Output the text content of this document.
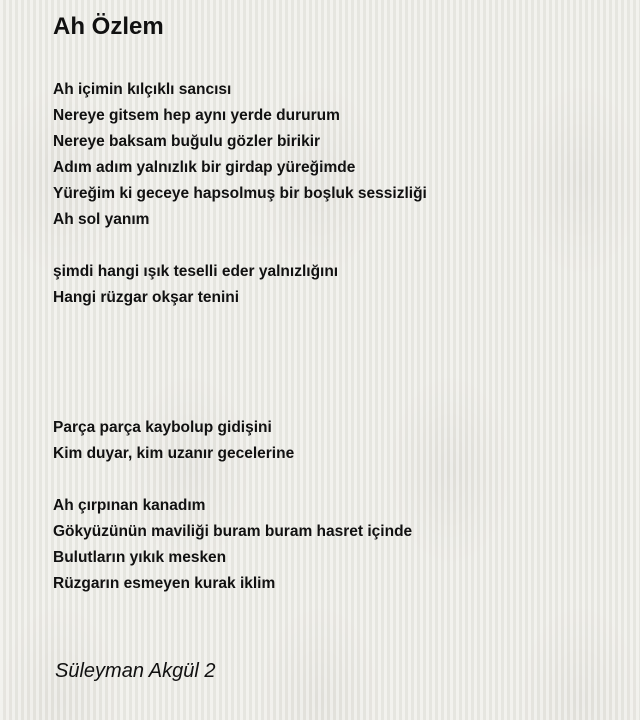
Ah Özlem
Ah içimin kılçıklı sancısı
Nereye gitsem hep aynı yerde dururum
Nereye baksam buğulu gözler birikir
Adım adım yalnızlık bir girdap yüreğimde
Yüreğim ki geceye hapsolmuş bir boşluk sessizliği
Ah sol yanım
şimdi hangi ışık teselli eder yalnızlığını
Hangi rüzgar okşar tenini
Parça parça kaybolup gidişini
Kim duyar, kim uzanır gecelerine
Ah çırpınan kanadım
Gökyüzünün maviliği buram buram hasret içinde
Bulutların yıkık mesken
Rüzgarın esmeyen kurak iklim
Süleyman Akgül 2
